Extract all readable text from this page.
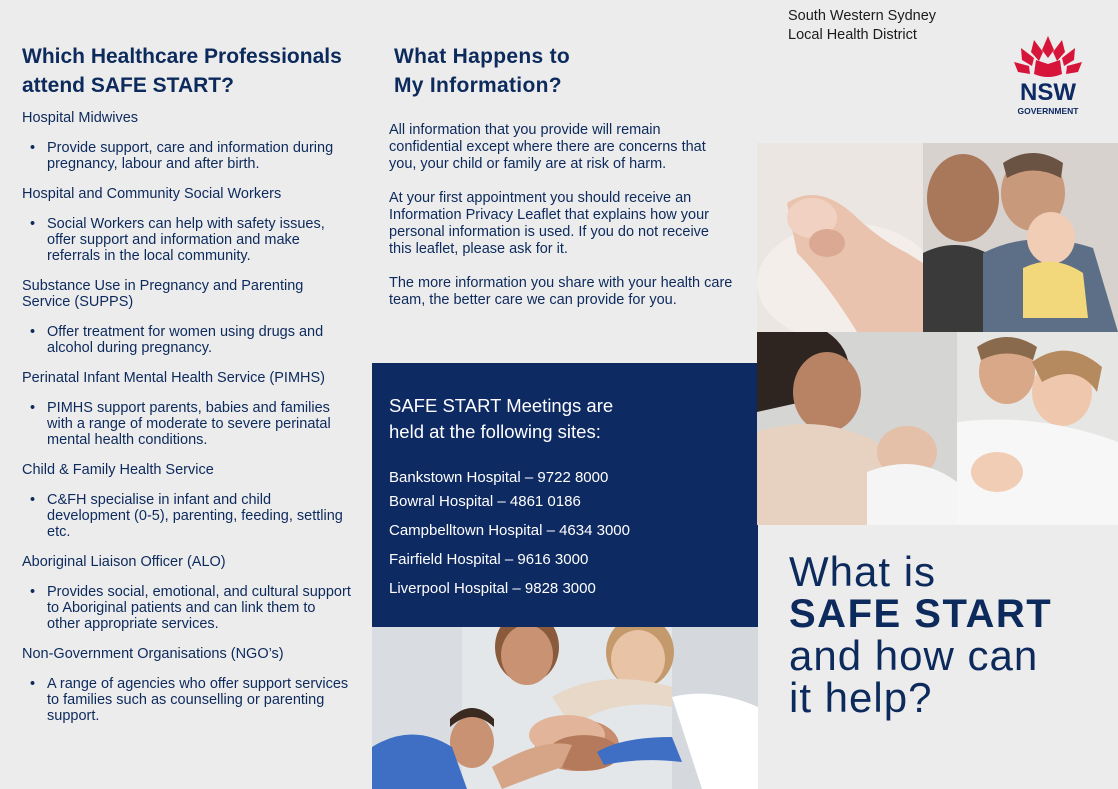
Which Healthcare Professionals
attend SAFE START?
Hospital Midwives
• Provide support, care and information during pregnancy, labour and after birth.
Hospital and Community Social Workers
• Social Workers can help with safety issues, offer support and information and make referrals in the local community.
Substance Use in Pregnancy and Parenting Service (SUPPS)
• Offer treatment for women using drugs and alcohol during pregnancy.
Perinatal Infant Mental Health Service (PIMHS)
• PIMHS support parents, babies and families with a range of moderate to severe perinatal mental health conditions.
Child & Family Health Service
• C&FH specialise in infant and child development (0-5), parenting, feeding, settling etc.
Aboriginal Liaison Officer (ALO)
• Provides social, emotional, and cultural support to Aboriginal patients and can link them to other appropriate services.
Non-Government Organisations (NGO’s)
• A range of agencies who offer support services to families such as counselling or parenting support.
What Happens to
My Information?

All information that you provide will remain confidential except where there are concerns that you, your child or family are at risk of harm.

At your first appointment you should receive an Information Privacy Leaflet that explains how your personal information is used. If you do not receive this leaflet, please ask for it.

The more information you share with your health care team, the better care we can provide for you.

SAFE START Meetings are
held at the following sites:
Bankstown Hospital – 9722 8000
Bowral Hospital – 4861 0186
Campbelltown Hospital – 4634 3000
Fairfield Hospital – 9616 3000
Liverpool Hospital – 9828 3000
South Western Sydney
Local Health District
NSW
GOVERNMENT
What is
SAFE START
and how can
it help?
